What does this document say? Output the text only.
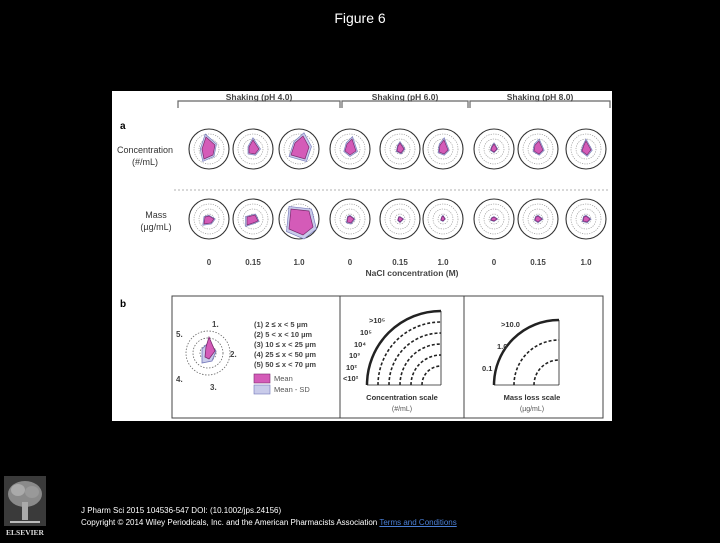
Figure 6
a
b
Shaking (pH 4.0)	Shaking (pH 6.0)	Shaking (pH 8.0)
Concentration
(#/mL)
Mass
(µg/mL)
0	0.15	1.0	0	0.15	1.0	0	0.15	1.0
NaCl concentration (M)
1.
2.
3.
4.
5.
(1) 2 ≤ x < 5 µm
(2) 5 < x < 10 µm
(3) 10 ≤ x < 25 µm
(4) 25 ≤ x < 50 µm
(5) 50 ≤ x < 70 µm
Mean
Mean - SD
>10⁵
10⁵
10⁴
10³
10²
<10²
Concentration scale
(#/mL)
>10.0
1.0
0.1
Mass loss scale
(µg/mL)
J Pharm Sci 2015 104536-547 DOI: (10.1002/jps.24156)
Copyright © 2014 Wiley Periodicals, Inc. and the American Pharmacists Association Terms and Conditions
ELSEVIER
